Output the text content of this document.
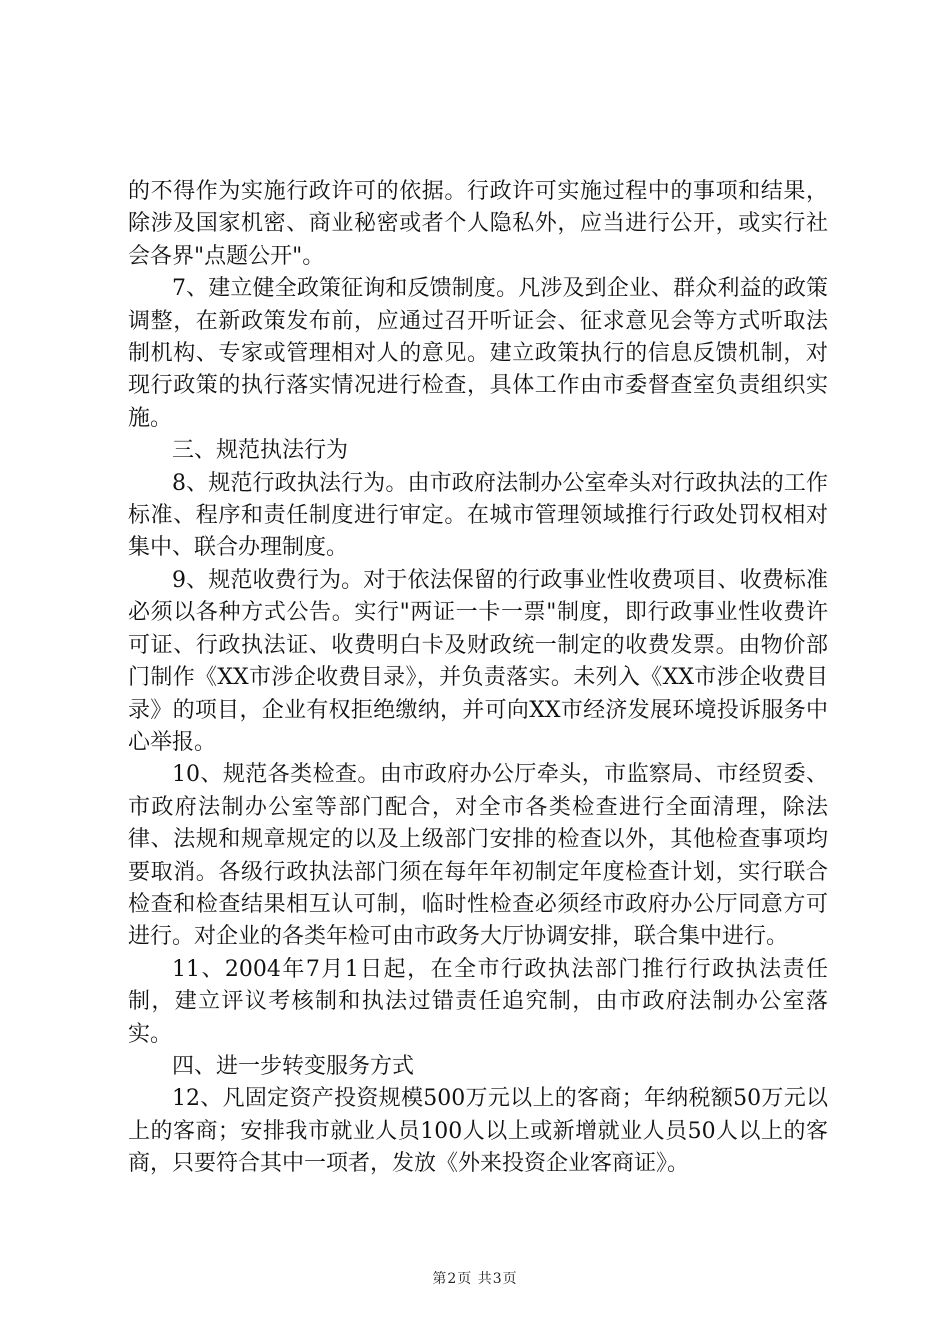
的不得作为实施行政许可的依据。行政许可实施过程中的事项和结果，除涉及国家机密、商业秘密或者个人隐私外，应当进行公开，或实行社会各界"点题公开"。

7、建立健全政策征询和反馈制度。凡涉及到企业、群众利益的政策调整，在新政策发布前，应通过召开听证会、征求意见会等方式听取法制机构、专家或管理相对人的意见。建立政策执行的信息反馈机制，对现行政策的执行落实情况进行检查，具体工作由市委督查室负责组织实施。

三、规范执法行为

8、规范行政执法行为。由市政府法制办公室牵头对行政执法的工作标准、程序和责任制度进行审定。在城市管理领域推行行政处罚权相对集中、联合办理制度。

9、规范收费行为。对于依法保留的行政事业性收费项目、收费标准必须以各种方式公告。实行"两证一卡一票"制度，即行政事业性收费许可证、行政执法证、收费明白卡及财政统一制定的收费发票。由物价部门制作《XX市涉企收费目录》，并负责落实。未列入《XX市涉企收费目录》的项目，企业有权拒绝缴纳，并可向XX市经济发展环境投诉服务中心举报。

10、规范各类检查。由市政府办公厅牵头，市监察局、市经贸委、市政府法制办公室等部门配合，对全市各类检查进行全面清理，除法律、法规和规章规定的以及上级部门安排的检查以外，其他检查事项均要取消。各级行政执法部门须在每年年初制定年度检查计划，实行联合检查和检查结果相互认可制，临时性检查必须经市政府办公厅同意方可进行。对企业的各类年检可由市政务大厅协调安排，联合集中进行。

11、2004年7月1日起，在全市行政执法部门推行行政执法责任制，建立评议考核制和执法过错责任追究制，由市政府法制办公室落实。

四、进一步转变服务方式

12、凡固定资产投资规模500万元以上的客商；年纳税额50万元以上的客商；安排我市就业人员100人以上或新增就业人员50人以上的客商，只要符合其中一项者，发放《外来投资企业客商证》。

第2页 共3页
